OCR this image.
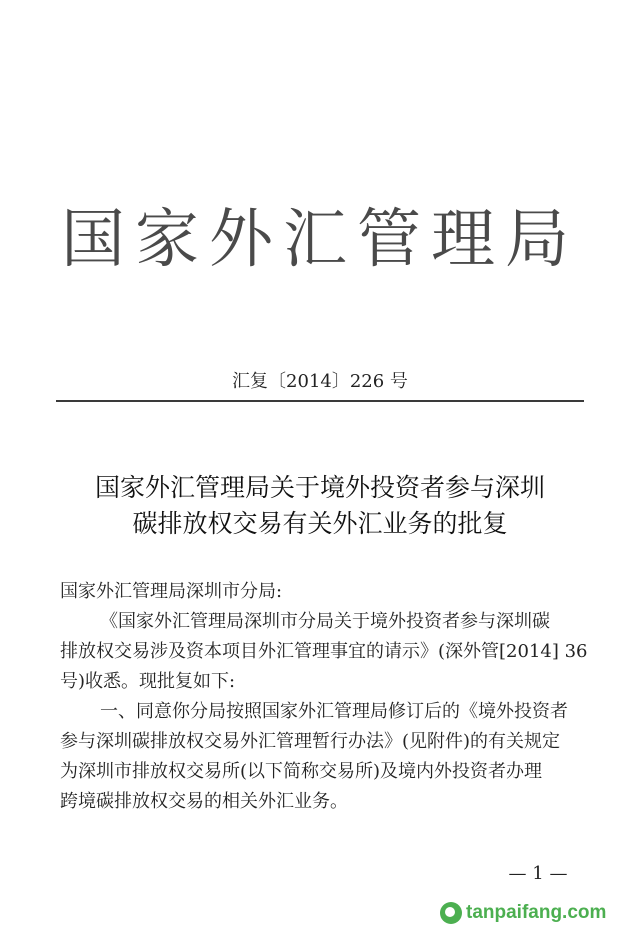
国家外汇管理局
汇复〔2014〕226 号
国家外汇管理局关于境外投资者参与深圳
碳排放权交易有关外汇业务的批复
国家外汇管理局深圳市分局:
《国家外汇管理局深圳市分局关于境外投资者参与深圳碳
排放权交易涉及资本项目外汇管理事宜的请示》(深外管[2014] 36
号)收悉。现批复如下:
一、同意你分局按照国家外汇管理局修订后的《境外投资者
参与深圳碳排放权交易外汇管理暂行办法》(见附件)的有关规定
为深圳市排放权交易所(以下简称交易所)及境内外投资者办理
跨境碳排放权交易的相关外汇业务。
— 1 —
tanpaifang.com
